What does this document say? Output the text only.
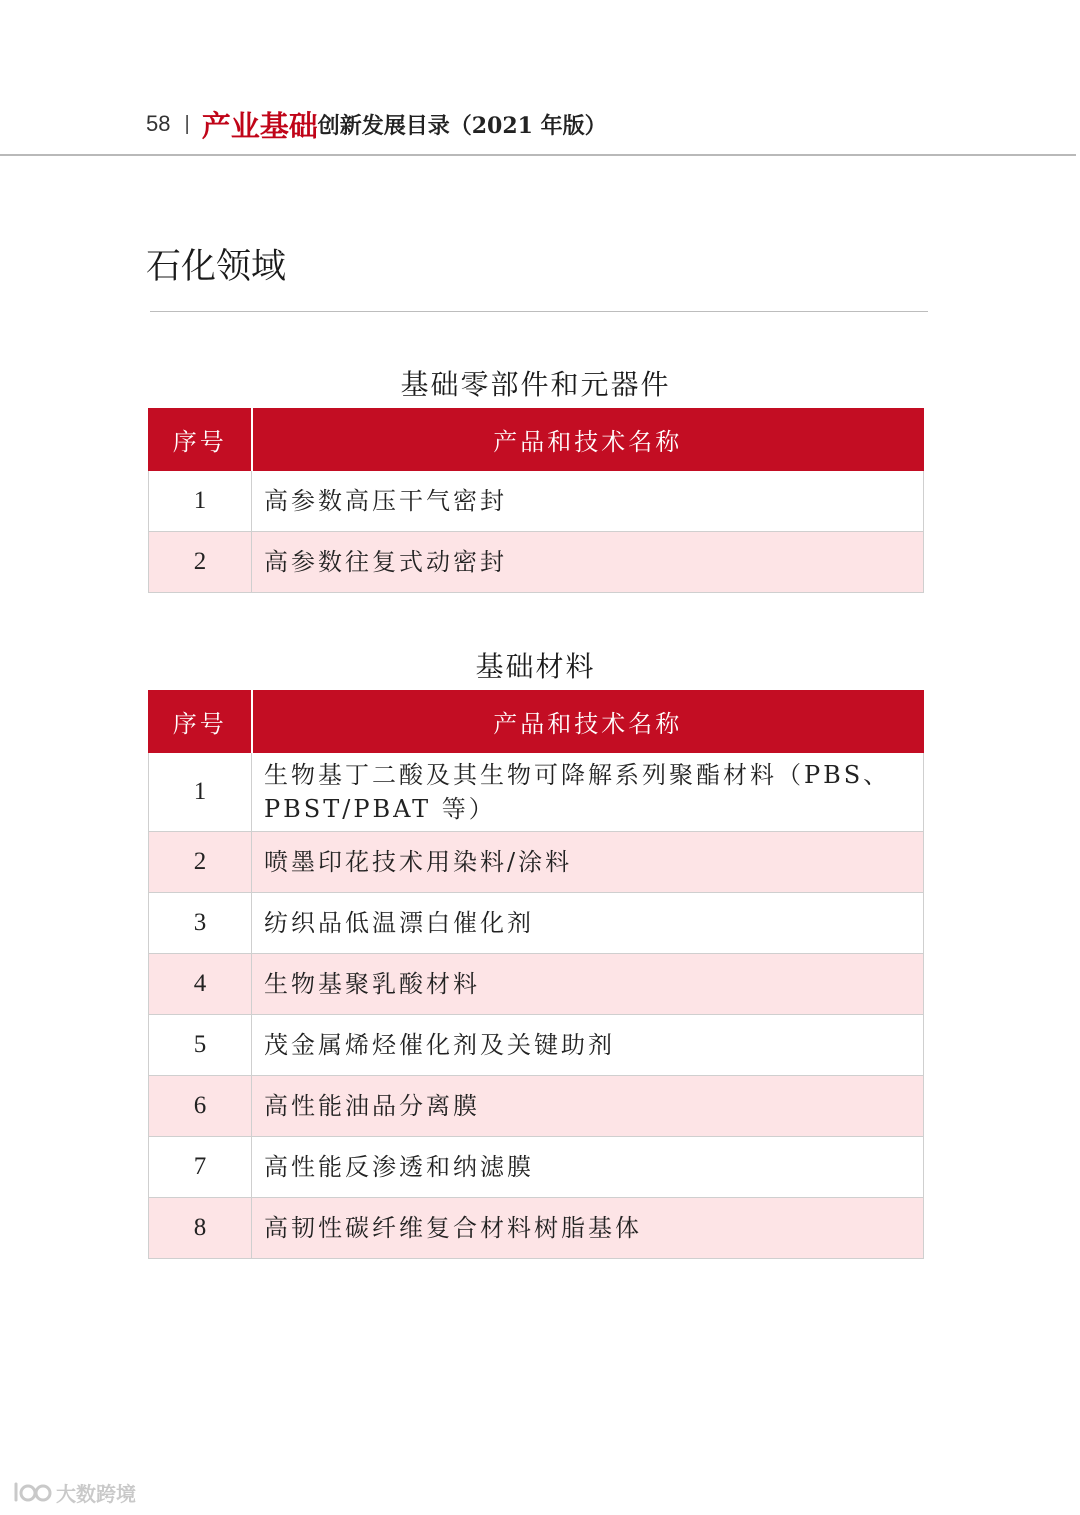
58 | 产业基础 创新发展目录（2021 年版）
石化领域
基础零部件和元器件
序号	产品和技术名称
1	高参数高压干气密封
2	高参数往复式动密封
基础材料
序号	产品和技术名称
1	生物基丁二酸及其生物可降解系列聚酯材料（PBS、PBST/PBAT 等）
2	喷墨印花技术用染料/涂料
3	纺织品低温漂白催化剂
4	生物基聚乳酸材料
5	茂金属烯烃催化剂及关键助剂
6	高性能油品分离膜
7	高性能反渗透和纳滤膜
8	高韧性碳纤维复合材料树脂基体
大数跨境
